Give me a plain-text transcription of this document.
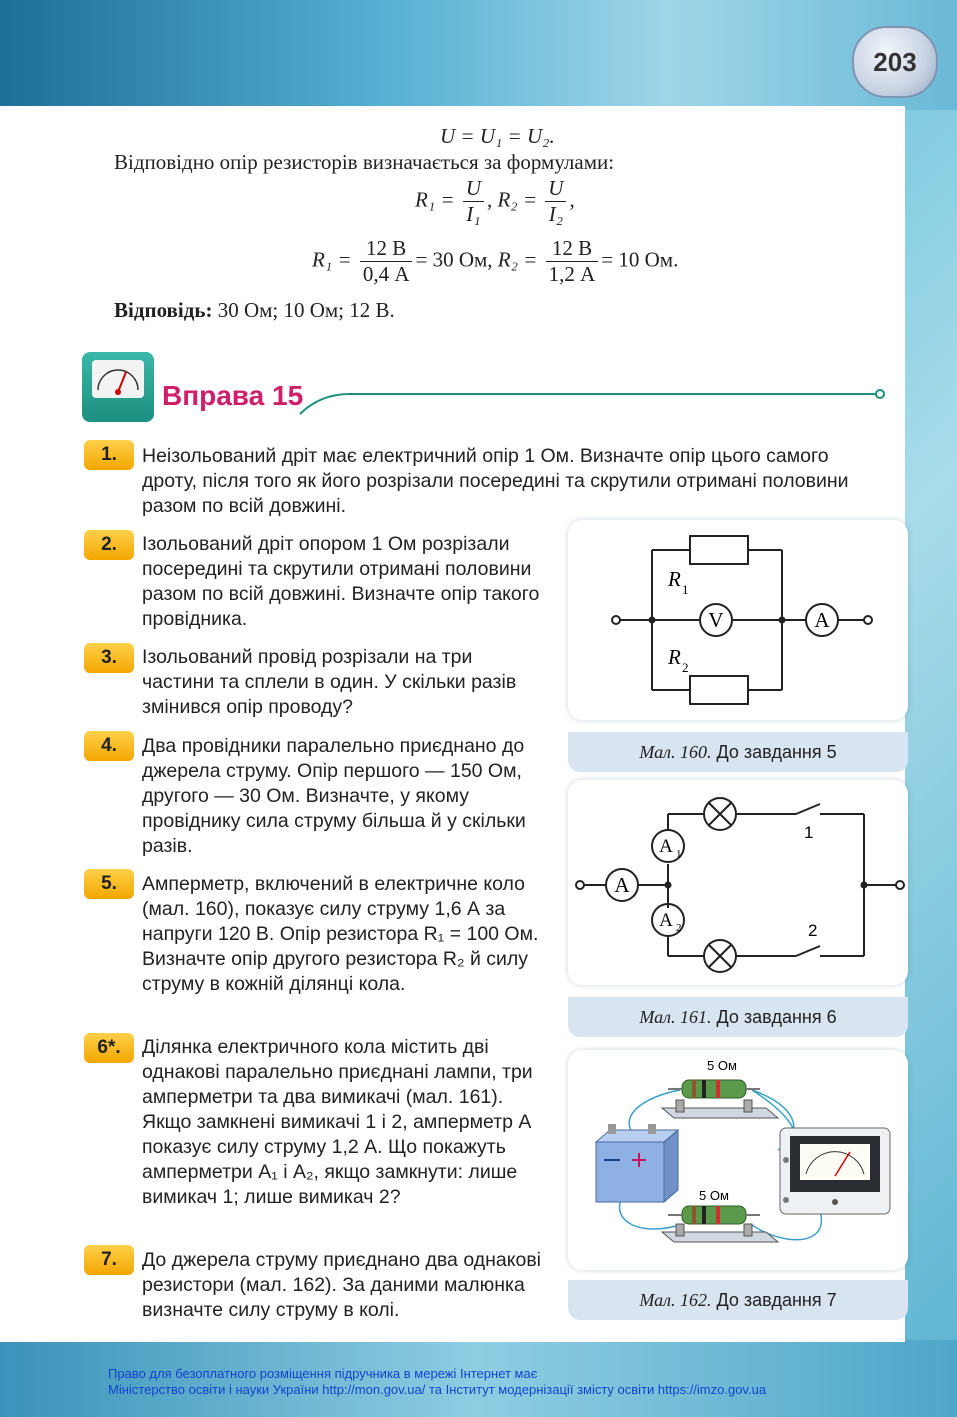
203
U = U₁ = U₂.
Відповідно опір резисторів визначається за формулами:
$R_1 = \frac{U}{\text{I₁}}$ , $R_2 = \frac{U}{\text{I₂}}$ ,
$R_1 = \frac{12 В}{0,4 А} = 30$ Ом, $R_2 = \frac{12 В}{1,2 А} = 10$ Ом.
Відповідь: 30 Ом; 10 Ом; 12 В.
Вправа 15
1.	Неізольований дріт має електричний опір 1 Ом. Визначте опір цього самого дроту, після того як його розрізали посередині та скрутили отримані половини разом по всій довжині.
2.	Ізольований дріт опором 1 Ом розрізали посередині та скрутили отримані половини разом по всій довжині. Визначте опір такого провідника.
3.	Ізольований провід розрізали на три частини та сплели в один. У скільки разів змінився опір проводу?
4.	Два провідники паралельно приєднано до джерела струму. Опір першого — 150 Ом, другого — 30 Ом. Визначте, у якому провіднику сила струму більша й у скільки разів.
5.	Амперметр, включений в електричне коло (мал. 160), показує силу струму 1,6 А за напруги 120 В. Опір резистора R₁ = 100 Ом. Визначте опір другого резистора R₂ й силу струму в кожній ділянці кола.
6*.	Ділянка електричного кола містить дві однакові паралельно приєднані лампи, три амперметри та два вимикачі (мал. 161). Якщо замкнені вимикачі 1 і 2, амперметр A показує силу струму 1,2 А. Що покажуть амперметри A₁ і A₂, якщо замкнути: лише вимикач 1; лише вимикач 2?
7.	До джерела струму приєднано два однакові резистори (мал. 162). За даними малюнка визначте силу струму в колі.
R 1
R 2
V	A
Мал. 160. До завдання 5
A
A 1
A 2
1
2
Мал. 161. До завдання 6
5 Ом
5 Ом
Мал. 162. До завдання 7
Право для безоплатного розміщення підручника в мережі Інтернет має
Міністерство освіти і науки України http://mon.gov.ua/ та Інститут модернізації змісту освіти https://imzo.gov.ua
